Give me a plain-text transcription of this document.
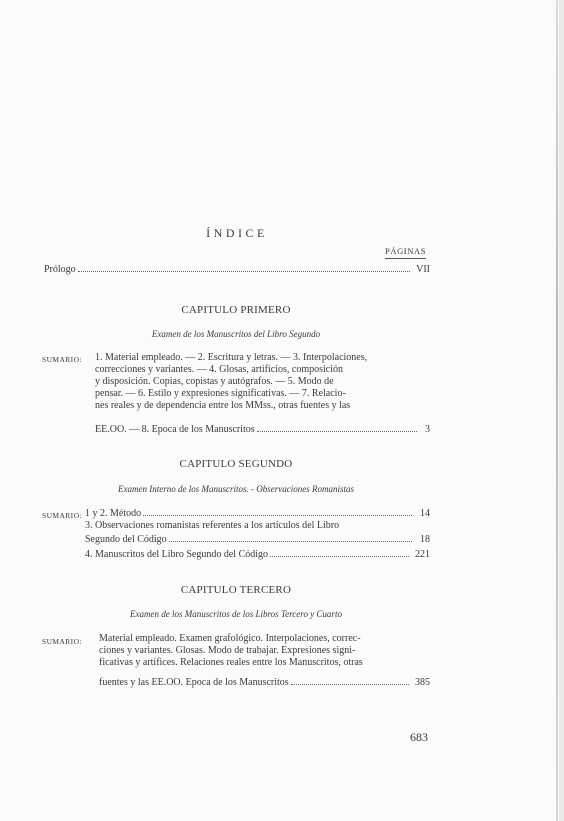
ÍNDICE
PÁGINAS
Prólogo	VII
CAPITULO PRIMERO
Examen de los Manuscritos del Libro Segundo
SUMARIO: 1. Material empleado. — 2. Escritura y letras. — 3. Interpolaciones,
correcciones y variantes. — 4. Glosas, artificios, composición
y disposición. Copias, copistas y autógrafos. — 5. Modo de
pensar. — 6. Estilo y expresiones significativas. — 7. Relacio-
nes reales y de dependencia entre los MMss., otras fuentes y las
EE.OO. — 8. Epoca de los Manuscritos	3
CAPITULO SEGUNDO
Examen Interno de los Manuscritos. - Observaciones Romanistas
SUMARIO: 1 y 2. Método	14
3. Observaciones romanistas referentes a los artículos del Libro
Segundo del Código	18
4. Manuscritos del Libro Segundo del Código	221
CAPITULO TERCERO
Examen de los Manuscritos de los Libros Tercero y Cuarto
SUMARIO: Material empleado. Examen grafológico. Interpolaciones, correc-
ciones y variantes. Glosas. Modo de trabajar. Expresiones signi-
ficativas y artifices. Relaciones reales entre los Manuscritos, otras
fuentes y las EE.OO. Epoca de los Manuscritos	385
683
